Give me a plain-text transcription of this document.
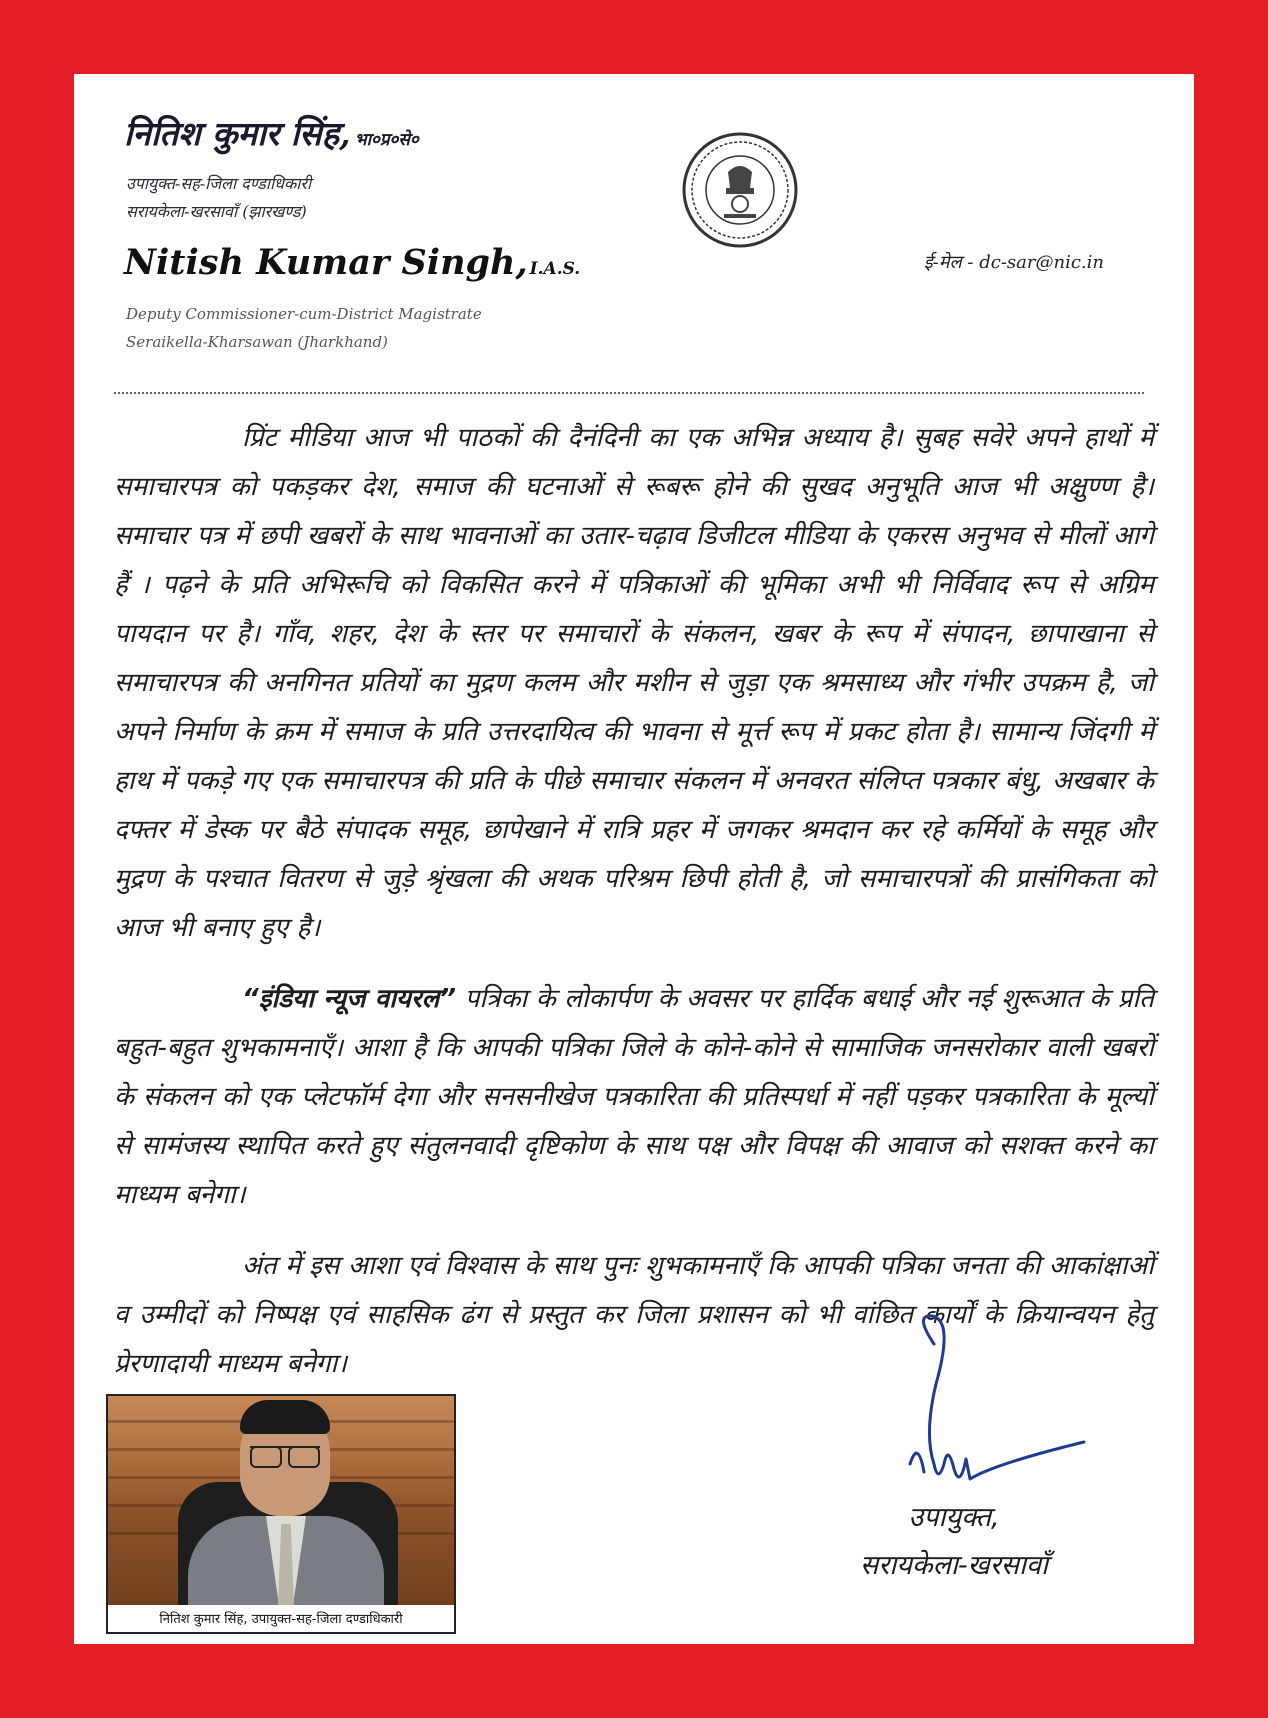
नितिश कुमार सिंह, भा०प्र०से०
उपायुक्त-सह-जिला दण्डाधिकारी
सरायकेला-खरसावाँ (झारखण्ड)
Nitish Kumar Singh, I.A.S.
Deputy Commissioner-cum-District Magistrate
Seraikella-Kharsawan (Jharkhand)
ई-मेल - dc-sar@nic.in

प्रिंट मीडिया आज भी पाठकों की दैनंदिनी का एक अभिन्न अध्याय है। सुबह सवेरे अपने हाथों में समाचारपत्र को पकड़कर देश, समाज की घटनाओं से रूबरू होने की सुखद अनुभूति आज भी अक्षुण्ण है। समाचार पत्र में छपी खबरों के साथ भावनाओं का उतार-चढ़ाव डिजीटल मीडिया के एकरस अनुभव से मीलों आगे हैं । पढ़ने के प्रति अभिरूचि को विकसित करने में पत्रिकाओं की भूमिका अभी भी निर्विवाद रूप से अग्रिम पायदान पर है। गाँव, शहर, देश के स्तर पर समाचारों के संकलन, खबर के रूप में संपादन, छापाखाना से समाचारपत्र की अनगिनत प्रतियों का मुद्रण कलम और मशीन से जुड़ा एक श्रमसाध्य और गंभीर उपक्रम है, जो अपने निर्माण के क्रम में समाज के प्रति उत्तरदायित्व की भावना से मूर्त्त रूप में प्रकट होता है। सामान्य जिंदगी में हाथ में पकड़े गए एक समाचारपत्र की प्रति के पीछे समाचार संकलन में अनवरत संलिप्त पत्रकार बंधु, अखबार के दफ्तर में डेस्क पर बैठे संपादक समूह, छापेखाने में रात्रि प्रहर में जगकर श्रमदान कर रहे कर्मियों के समूह और मुद्रण के पश्चात वितरण से जुड़े श्रृंखला की अथक परिश्रम छिपी होती है, जो समाचारपत्रों की प्रासंगिकता को आज भी बनाए हुए है।

“इंडिया न्यूज वायरल” पत्रिका के लोकार्पण के अवसर पर हार्दिक बधाई और नई शुरूआत के प्रति बहुत-बहुत शुभकामनाएँ। आशा है कि आपकी पत्रिका जिले के कोने-कोने से सामाजिक जनसरोकार वाली खबरों के संकलन को एक प्लेटफॉर्म देगा और सनसनीखेज पत्रकारिता की प्रतिस्पर्धा में नहीं पड़कर पत्रकारिता के मूल्यों से सामंजस्य स्थापित करते हुए संतुलनवादी दृष्टिकोण के साथ पक्ष और विपक्ष की आवाज को सशक्त करने का माध्यम बनेगा।

अंत में इस आशा एवं विश्वास के साथ पुनः शुभकामनाएँ कि आपकी पत्रिका जनता की आकांक्षाओं व उम्मीदों को निष्पक्ष एवं साहसिक ढंग से प्रस्तुत कर जिला प्रशासन को भी वांछित कार्यों के क्रियान्वयन हेतु प्रेरणादायी माध्यम बनेगा।

नितिश कुमार सिंह, उपायुक्त-सह-जिला दण्डाधिकारी
उपायुक्त,
सरायकेला-खरसावाँ
